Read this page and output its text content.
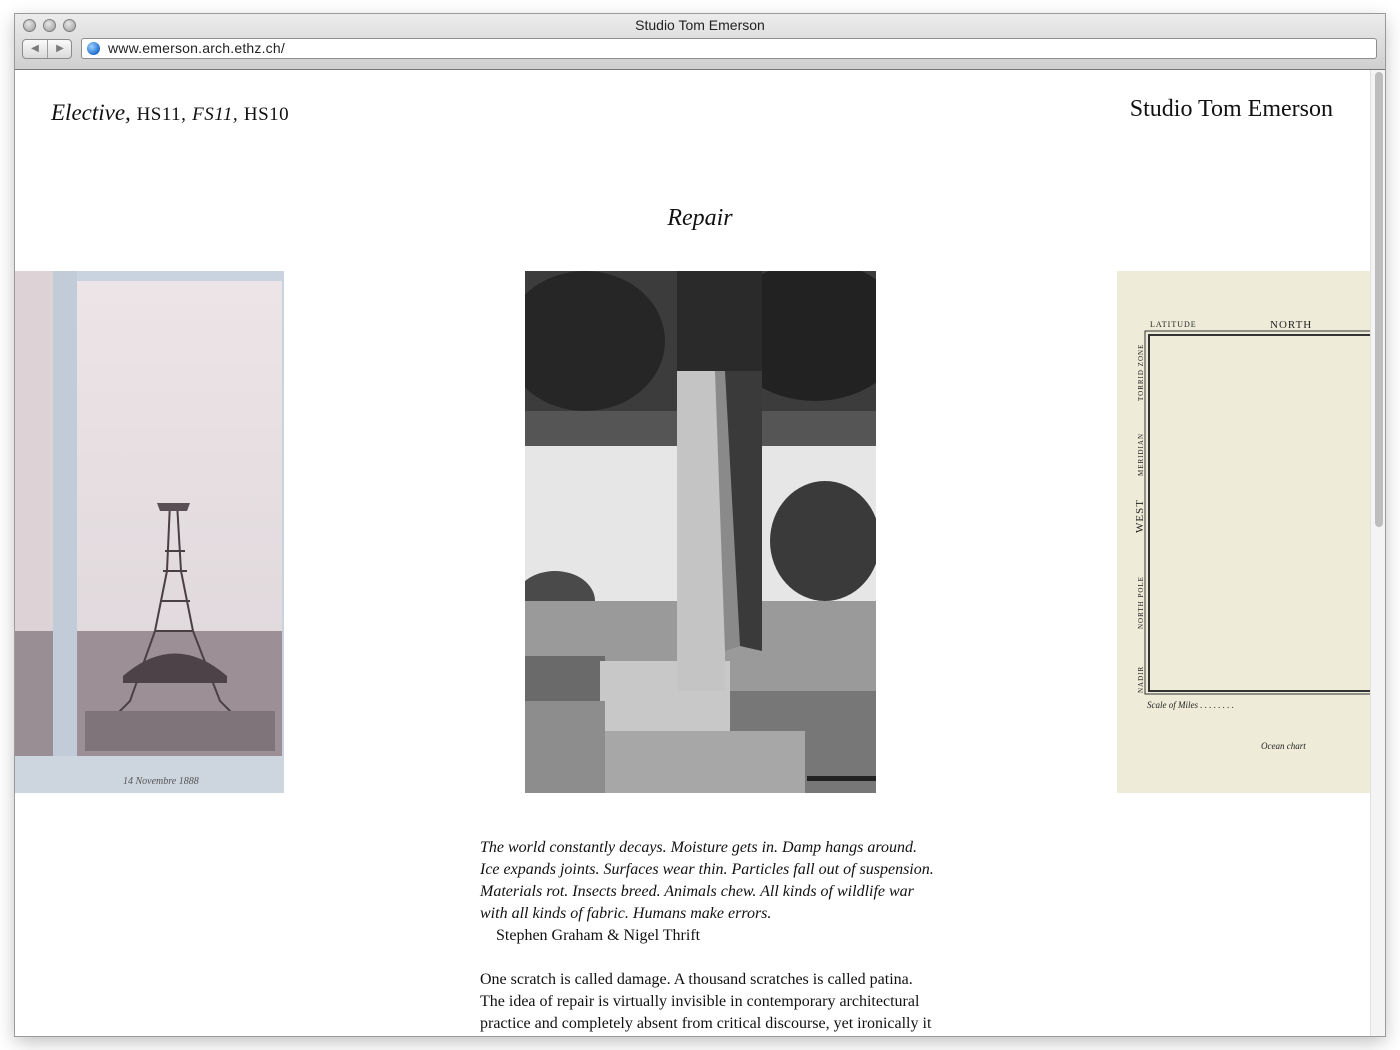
Studio Tom Emerson
◀	▶	www.emerson.arch.ethz.ch/
Elective, HS11, FS11, HS10	Studio Tom Emerson
Repair
14 Novembre 1888
LATITUDE	NORTH
TORRID ZONE
MERIDIAN
WEST
NORTH POLE
NADIR
Scale of Miles . . . . . . . .
Ocean chart

The world constantly decays. Moisture gets in. Damp hangs around.
Ice expands joints. Surfaces wear thin. Particles fall out of suspension.
Materials rot. Insects breed. Animals chew. All kinds of wildlife war
with all kinds of fabric. Humans make errors.

Stephen Graham & Nigel Thrift

One scratch is called damage. A thousand scratches is called patina.
The idea of repair is virtually invisible in contemporary architectural
practice and completely absent from critical discourse, yet ironically it
